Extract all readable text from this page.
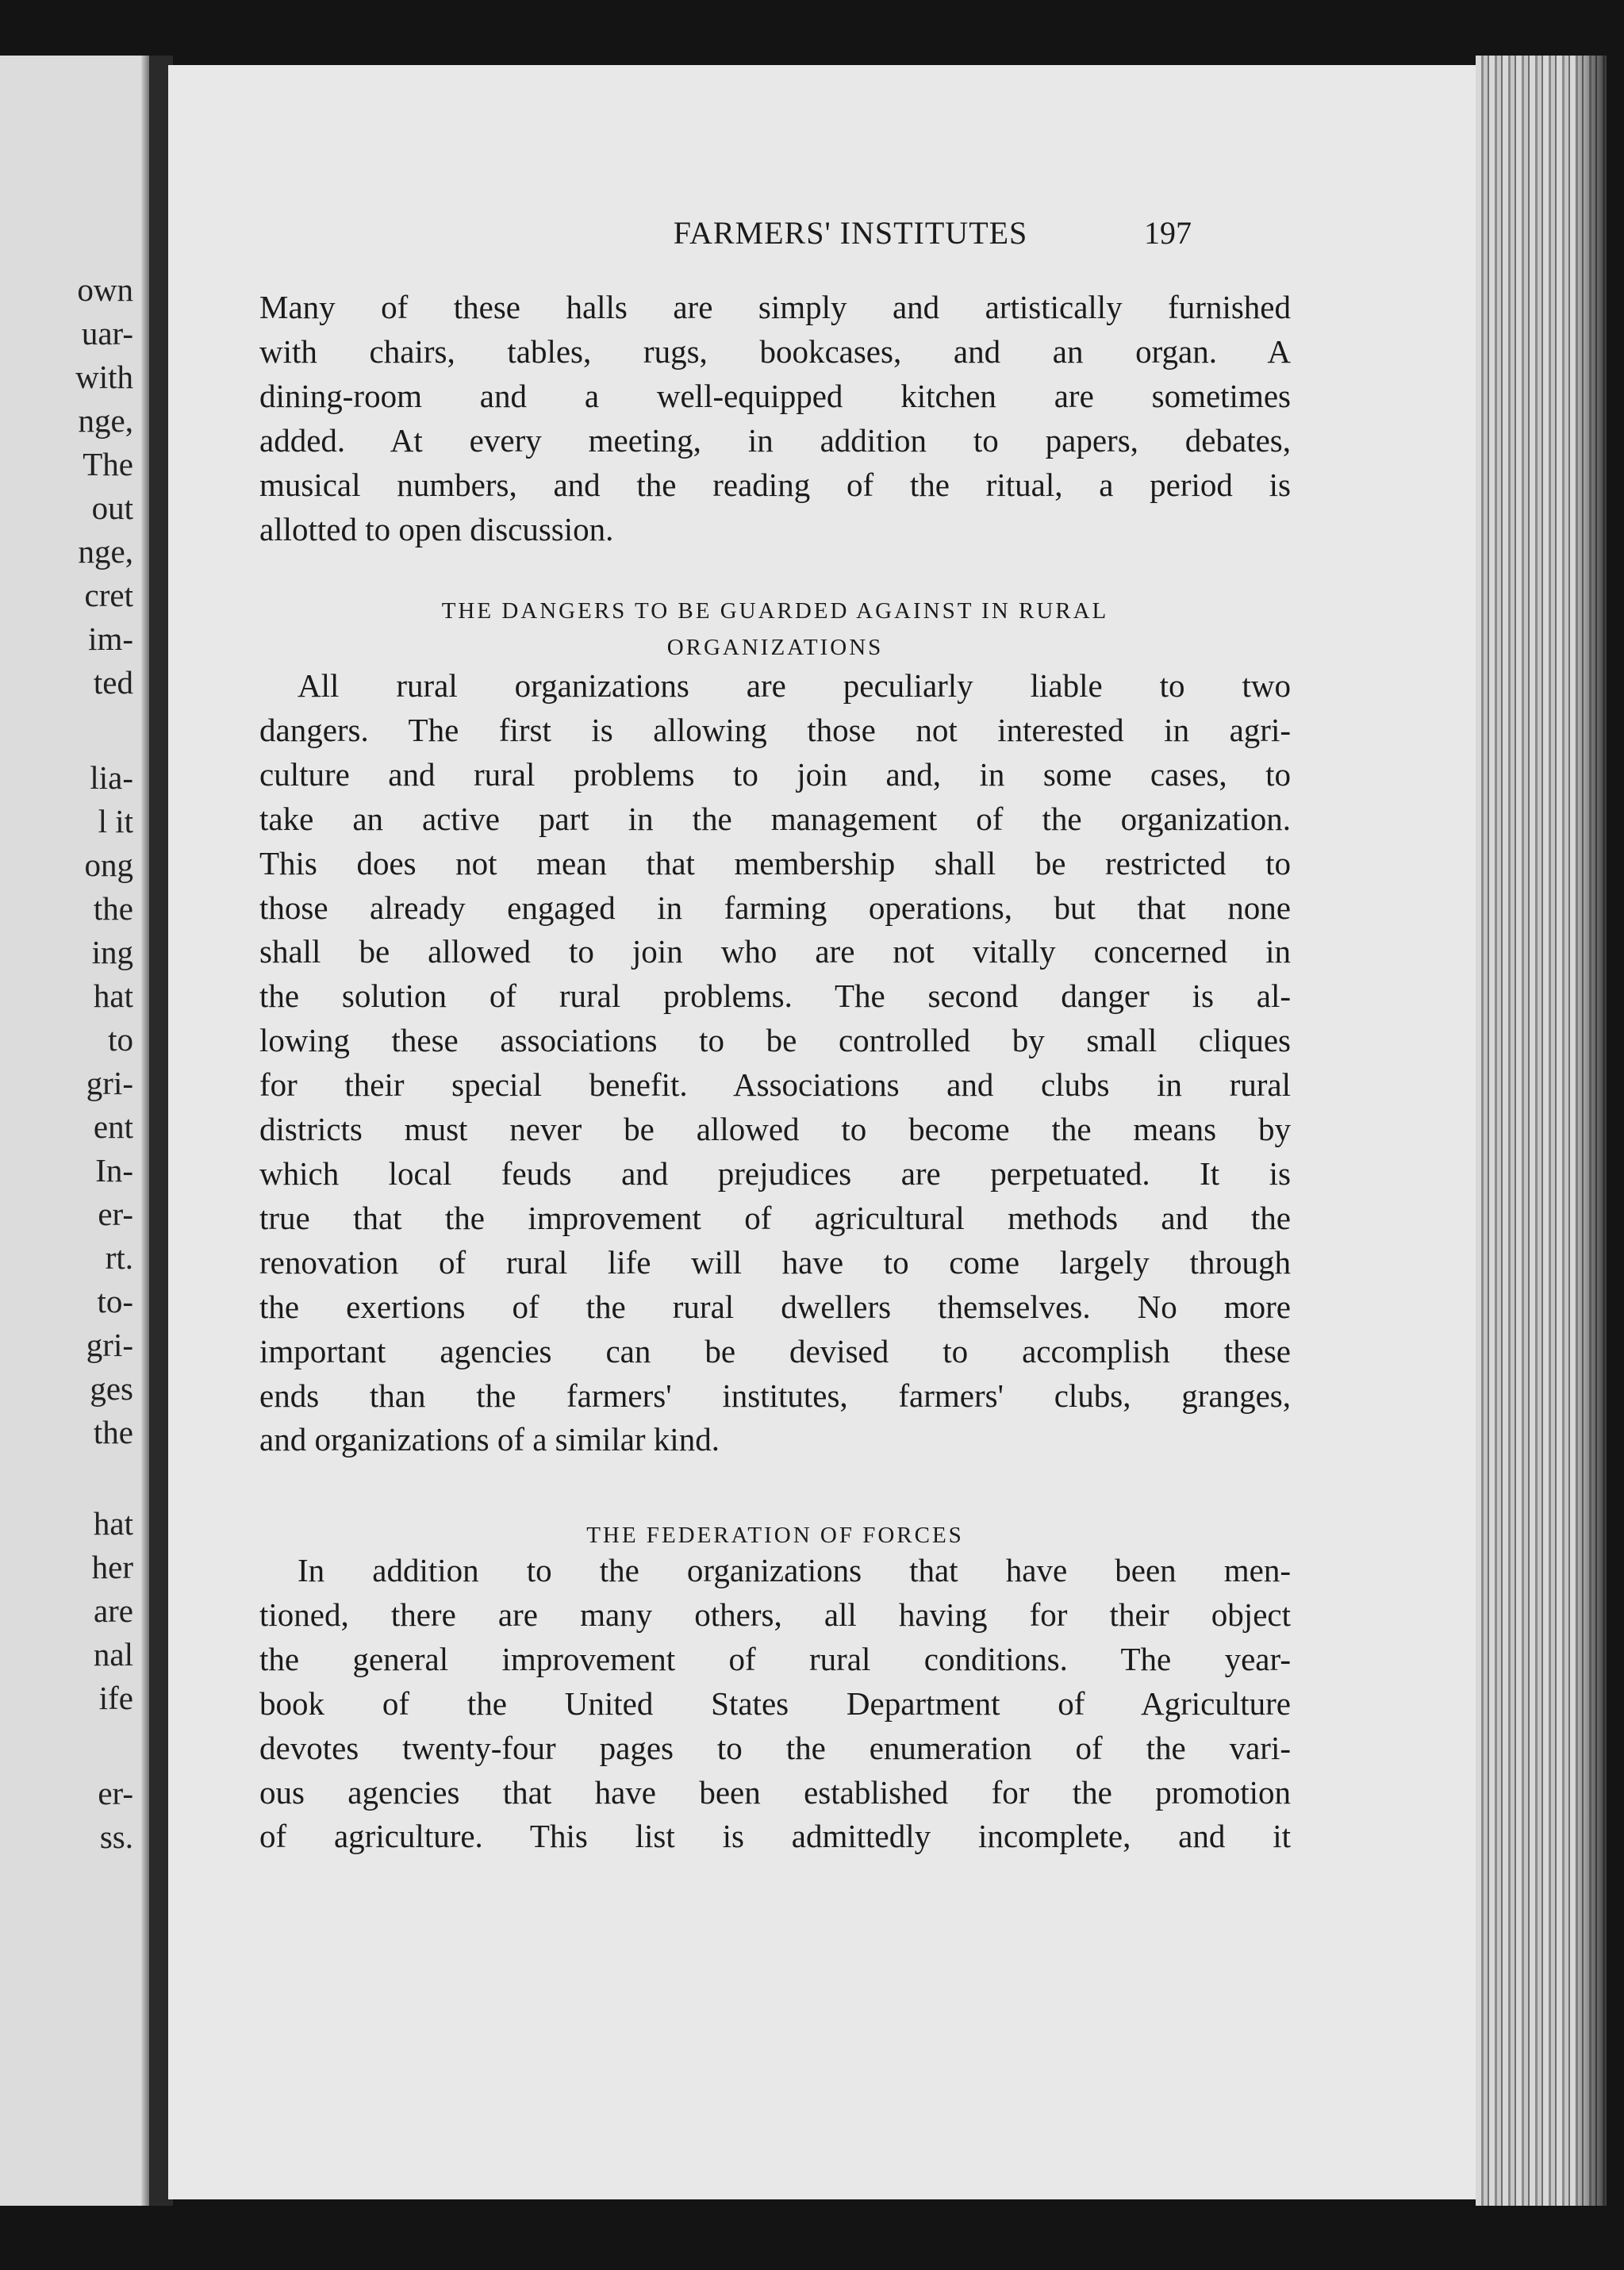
own
uar-
with
nge,
The
out
nge,
cret
im-
ted
lia-
l it
ong
the
ing
hat
to
gri-
ent
In-
er-
rt.
to-
gri-
ges
the
hat
her
are
nal
ife
er-
ss.
FARMERS' INSTITUTES	197
Many of these halls are simply and artistically furnished
with chairs, tables, rugs, bookcases, and an organ. A
dining-room and a well-equipped kitchen are sometimes
added. At every meeting, in addition to papers, debates,
musical numbers, and the reading of the ritual, a period is
allotted to open discussion.
THE DANGERS TO BE GUARDED AGAINST IN RURAL
ORGANIZATIONS
All rural organizations are peculiarly liable to two
dangers. The first is allowing those not interested in agri-
culture and rural problems to join and, in some cases, to
take an active part in the management of the organization.
This does not mean that membership shall be restricted to
those already engaged in farming operations, but that none
shall be allowed to join who are not vitally concerned in
the solution of rural problems. The second danger is al-
lowing these associations to be controlled by small cliques
for their special benefit. Associations and clubs in rural
districts must never be allowed to become the means by
which local feuds and prejudices are perpetuated. It is
true that the improvement of agricultural methods and the
renovation of rural life will have to come largely through
the exertions of the rural dwellers themselves. No more
important agencies can be devised to accomplish these
ends than the farmers' institutes, farmers' clubs, granges,
and organizations of a similar kind.
THE FEDERATION OF FORCES
In addition to the organizations that have been men-
tioned, there are many others, all having for their object
the general improvement of rural conditions. The year-
book of the United States Department of Agriculture
devotes twenty-four pages to the enumeration of the vari-
ous agencies that have been established for the promotion
of agriculture. This list is admittedly incomplete, and it
